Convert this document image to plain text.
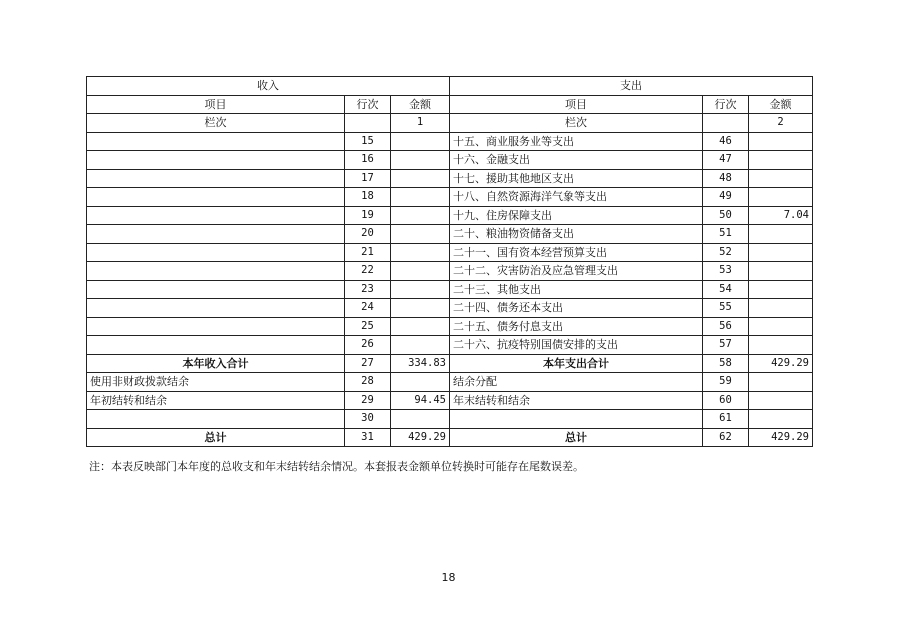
收入			支出		
项目	行次	金额	项目	行次	金额
栏次		1	栏次		2
	15		十五、商业服务业等支出	46	
	16		十六、金融支出	47	
	17		十七、援助其他地区支出	48	
	18		十八、自然资源海洋气象等支出	49	
	19		十九、住房保障支出	50	7.04
	20		二十、粮油物资储备支出	51	
	21		二十一、国有资本经营预算支出	52	
	22		二十二、灾害防治及应急管理支出	53	
	23		二十三、其他支出	54	
	24		二十四、债务还本支出	55	
	25		二十五、债务付息支出	56	
	26		二十六、抗疫特别国债安排的支出	57	
本年收入合计	27	334.83	本年支出合计	58	429.29
使用非财政拨款结余	28		结余分配	59	
年初结转和结余	29	94.45	年末结转和结余	60	
	30			61	
总计	31	429.29	总计	62	429.29

注：本表反映部门本年度的总收支和年末结转结余情况。本套报表金额单位转换时可能存在尾数误差。

18
